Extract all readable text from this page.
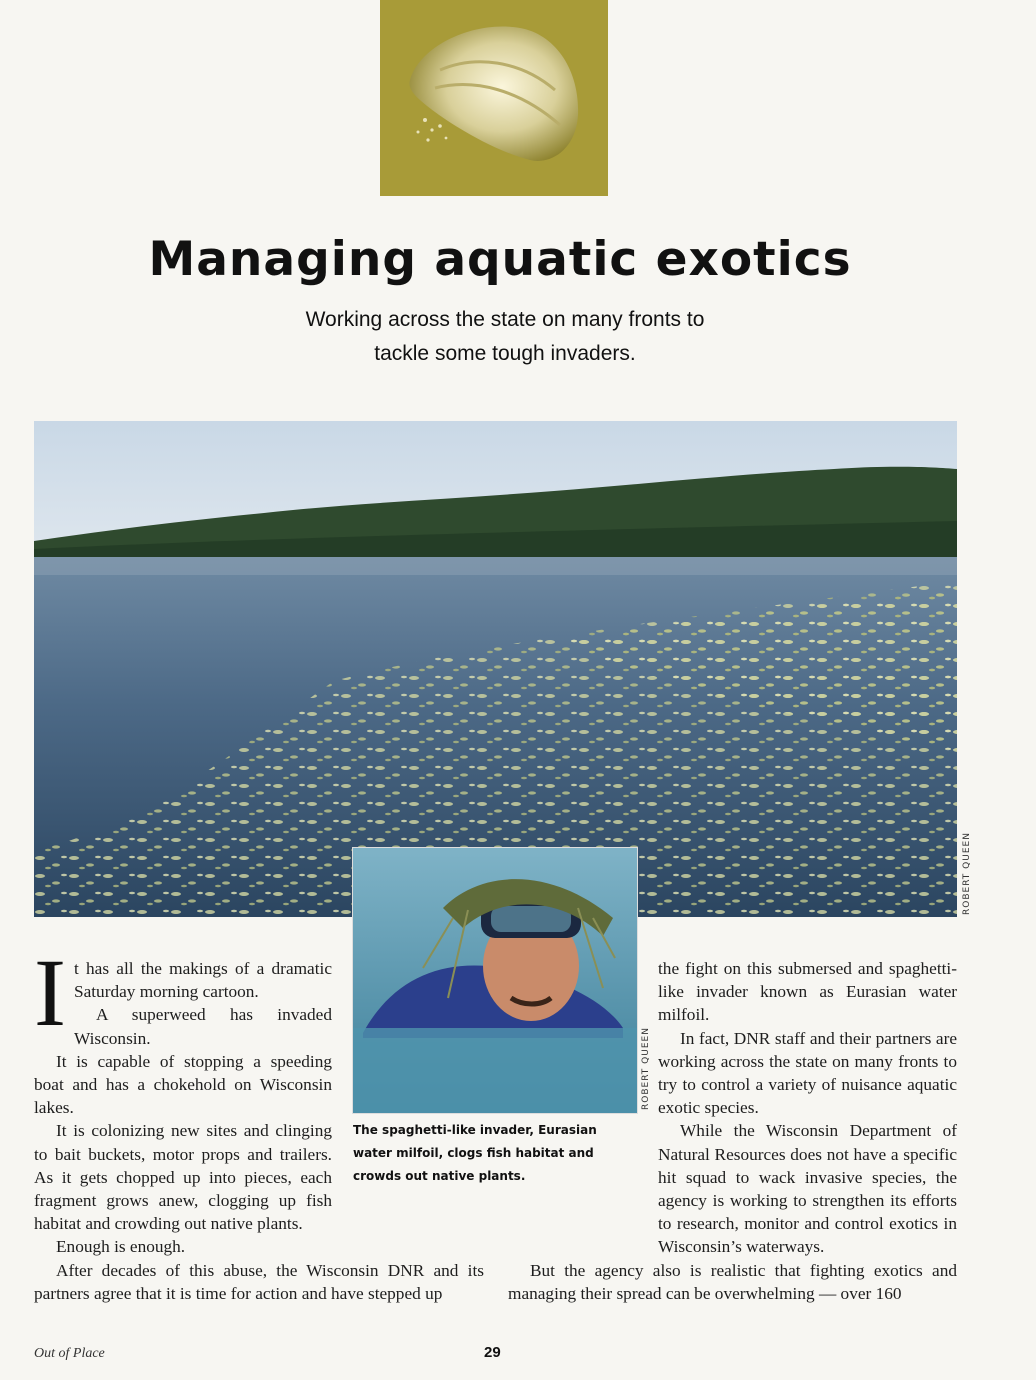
Managing aquatic exotics
Working across the state on many fronts to
tackle some tough invaders.
ROBERT QUEEN
ROBERT QUEEN
The spaghetti-like invader, Eurasian water milfoil, clogs fish habitat and crowds out native plants.
I t has all the makings of a dramatic Saturday morning cartoon.

A superweed has invaded Wisconsin.

It is capable of stopping a speeding boat and has a chokehold on Wisconsin lakes.

It is colonizing new sites and clinging to bait buckets, motor props and trailers. As it gets chopped up into pieces, each fragment grows anew, clogging up fish habitat and crowding out native plants.

Enough is enough.

After decades of this abuse, the Wisconsin DNR and its partners agree that it is time for action and have stepped up

the fight on this submersed and spaghetti-like invader known as Eurasian water milfoil.

In fact, DNR staff and their partners are working across the state on many fronts to try to control a variety of nuisance aquatic exotic species.

While the Wisconsin Department of Natural Resources does not have a specific hit squad to wack invasive species, the agency is working to strengthen its efforts to research, monitor and control exotics in Wisconsin’s waterways.

But the agency also is realistic that fighting exotics and managing their spread can be overwhelming — over 160

Out of Place	29
